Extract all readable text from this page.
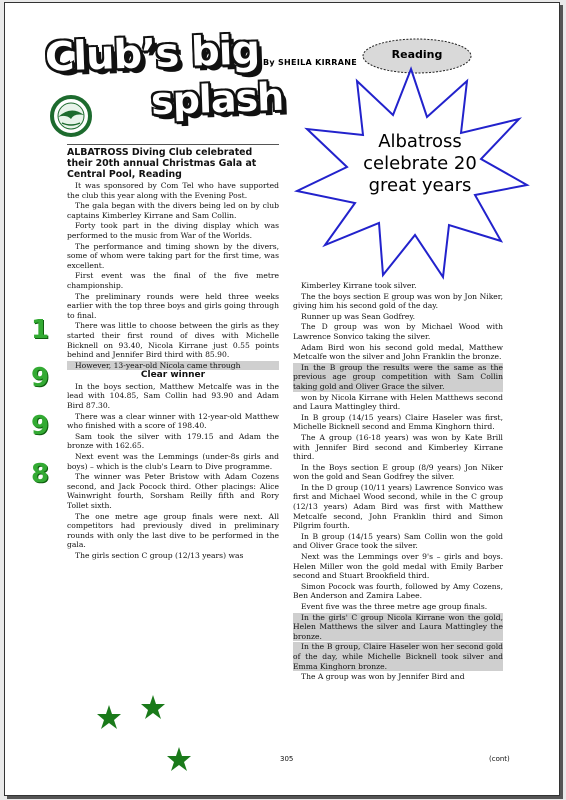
Club’s big
splash
By SHEILA KIRRANE
Reading
Albatross
celebrate 20
great years
1
9
9
8

ALBATROSS Diving Club celebrated their 20th annual Christmas Gala at Central Pool, Reading

It was sponsored by Com Tel who have supported the club this year along with the Evening Post.

The gala began with the divers being led on by club captains Kimberley Kirrane and Sam Collin.

Forty took part in the diving display which was performed to the music from War of the Worlds.

The performance and timing shown by the divers, some of whom were taking part for the first time, was excellent.

First event was the final of the five metre championship.

The preliminary rounds were held three weeks earlier with the top three boys and girls going through to final.

There was little to choose between the girls as they started their first round of dives with Michelle Bicknell on 93.40, Nicola Kirrane just 0.55 points behind and Jennifer Bird third with 85.90.

However, 13-year-old Nicola came through

Clear winner

In the boys section, Matthew Metcalfe was in the lead with 104.85, Sam Collin had 93.90 and Adam Bird 87.30.

There was a clear winner with 12-year-old Matthew who finished with a score of 198.40.

Sam took the silver with 179.15 and Adam the bronze with 162.65.

Next event was the Lemmings (under-8s girls and boys) – which is the club's Learn to Dive programme.

The winner was Peter Bristow with Adam Cozens second, and Jack Pocock third. Other placings: Alice Wainwright fourth, Sorsham Reilly fifth and Rory Tollet sixth.

The one metre age group finals were next. All competitors had previously dived in preliminary rounds with only the last dive to be performed in the gala.

The girls section C group (12/13 years) was

Kimberley Kirrane took silver.

The the boys section E group was won by Jon Niker, giving him his second gold of the day.

Runner up was Sean Godfrey.

The D group was won by Michael Wood with Lawrence Sonvico taking the silver.

Adam Bird won his second gold medal, Matthew Metcalfe won the silver and John Franklin the bronze.

In the B group the results were the same as the previous age group competition with Sam Collin taking gold and Oliver Grace the silver.

won by Nicola Kirrane with Helen Matthews second and Laura Mattingley third.

In B group (14/15 years) Claire Haseler was first, Michelle Bicknell second and Emma Kinghorn third.

The A group (16-18 years) was won by Kate Brill with Jennifer Bird second and Kimberley Kirrane third.

In the Boys section E group (8/9 years) Jon Niker won the gold and Sean Godfrey the silver.

In the D group (10/11 years) Lawrence Sonvico was first and Michael Wood second, while in the C group (12/13 years) Adam Bird was first with Matthew Metcalfe second, John Franklin third and Simon Pilgrim fourth.

In B group (14/15 years) Sam Collin won the gold and Oliver Grace took the silver.

Next was the Lemmings over 9's – girls and boys. Helen Miller won the gold medal with Emily Barber second and Stuart Brookfield third.

Simon Pocock was fourth, followed by Amy Cozens, Ben Anderson and Zamira Labee.

Event five was the three metre age group finals.

In the girls' C group Nicola Kirrane won the gold, Helen Matthews the silver and Laura Mattingley the bronze.

In the B group, Claire Haseler won her second gold of the day, while Michelle Bicknell took silver and Emma Kinghorn bronze.

The A group was won by Jennifer Bird and

305	(cont)
